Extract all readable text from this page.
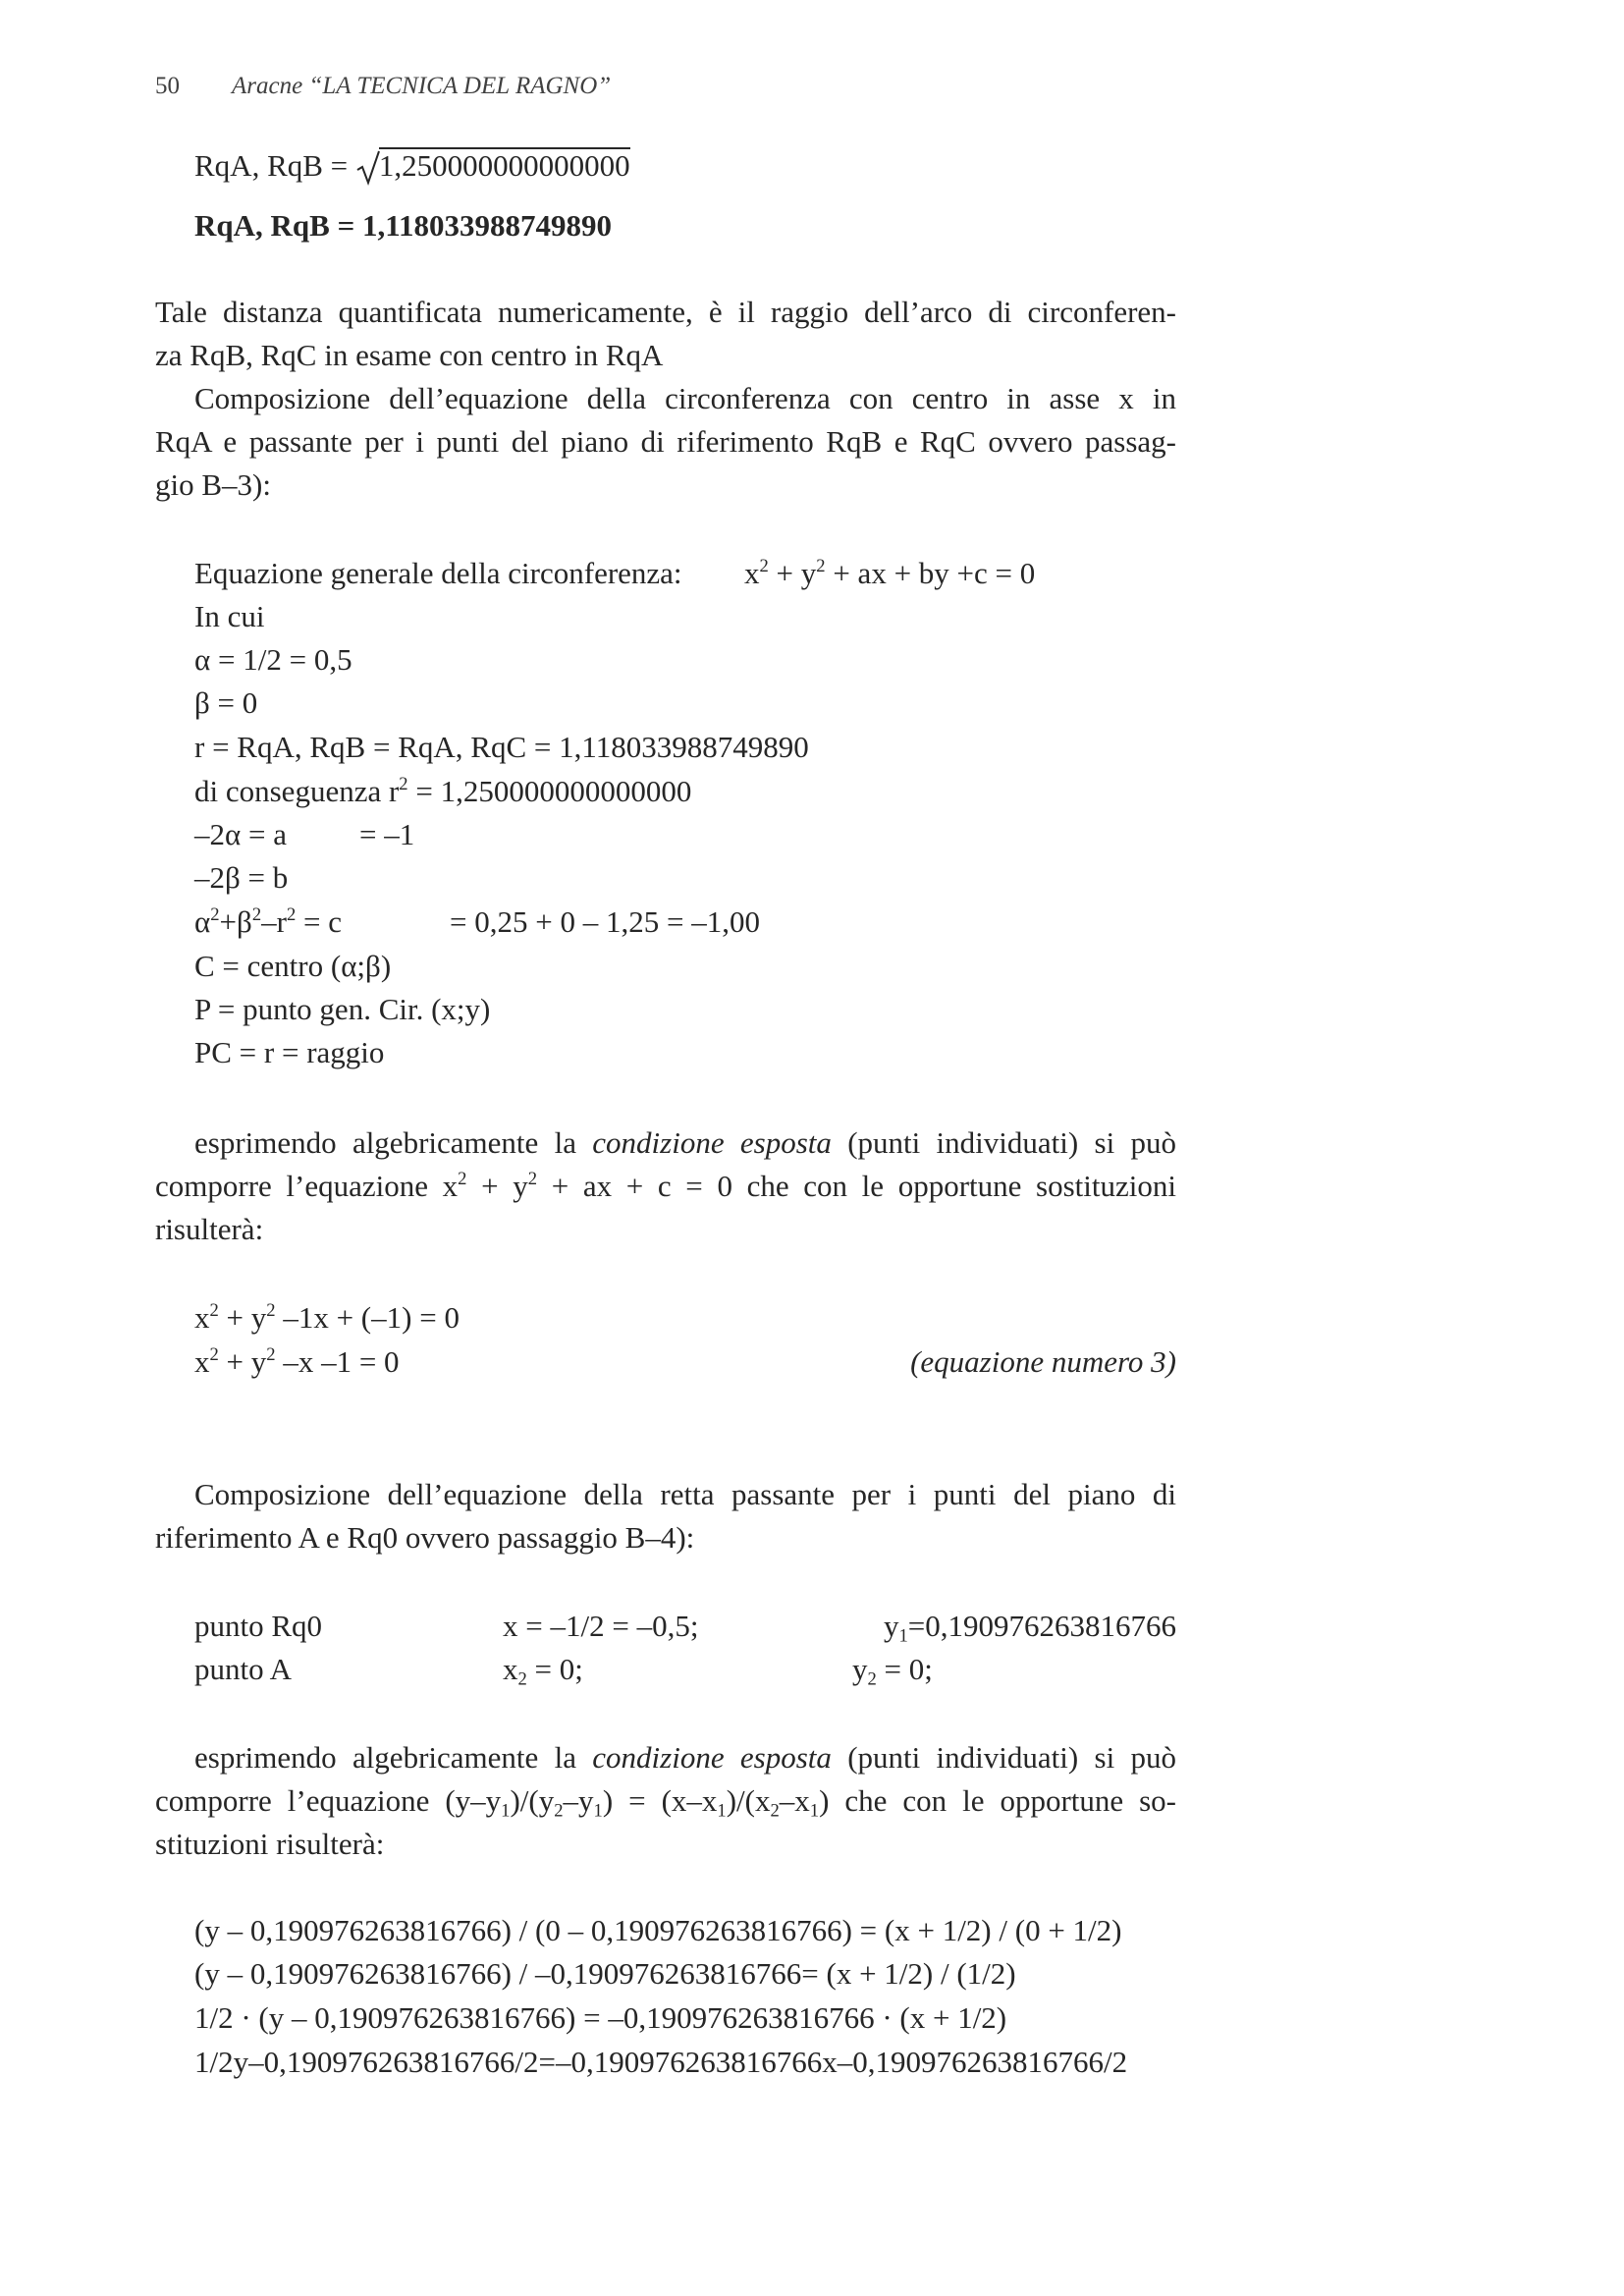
50 Aracne “LA TECNICA DEL RAGNO”
RqA, RqB = 1,250000000000000
RqA, RqB = 1,118033988749890
Tale distanza quantificata numericamente, è il raggio dell’arco di circonferen-
za RqB, RqC in esame con centro in RqA
Composizione dell’equazione della circonferenza con centro in asse x in
RqA e passante per i punti del piano di riferimento RqB e RqC ovvero passag-
gio B–3):
Equazione generale della circonferenza: $x^2 + y^2$ + ax + by +c = 0
In cui
α = 1/2 = 0,5
β = 0
r = RqA, RqB = RqA, RqC = 1,118033988749890
di conseguenza $r^2 = 1,250000000000000$
–2α = a = –1
–2β = b
$\alpha^2+\beta^2-r^2 = c$	= 0,25 + 0 – 1,25 = –1,00
C = centro (α;β)
P = punto gen. Cir. (x;y)
PC = r = raggio
esprimendo algebricamente la condizione esposta (punti individuati) si può
comporre l’equazione $x^2 + y^2$ + ax + c = 0 che con le opportune sostituzioni
risulterà:
$x^2 + y^2$ –1x + (–1) = 0
$x^2 + y^2$ –x –1 = 0	(equazione numero 3)
Composizione dell’equazione della retta passante per i punti del piano di
riferimento A e Rq0 ovvero passaggio B–4):
punto Rq0	x = –1/2 = –0,5;	$y_1=0,190976263816766$
punto A	$x_2 = 0$;	$y_2 = 0$;
esprimendo algebricamente la condizione esposta (punti individuati) si può
comporre l’equazione $(y-y_1)/(y_2-y_1) = (x-x_1)/(x_2-x_1)$ che con le opportune so-
stituzioni risulterà:
(y – 0,190976263816766) / (0 – 0,190976263816766) = (x + 1/2) / (0 + 1/2)
(y – 0,190976263816766) / –0,190976263816766= (x + 1/2) / (1/2)
1/2 · (y – 0,190976263816766) = –0,190976263816766 · (x + 1/2)
1/2y–0,190976263816766/2=–0,190976263816766x–0,190976263816766/2
